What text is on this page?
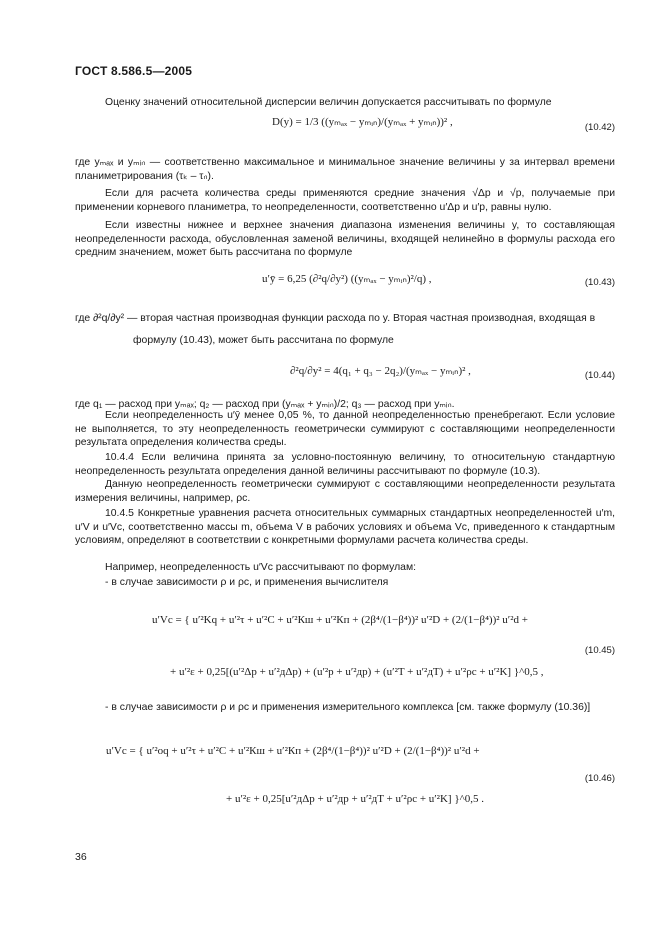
ГОСТ 8.586.5—2005
Оценку значений относительной дисперсии величин допускается рассчитывать по формуле
D(y) = 1/3 ((yₘₐₓ − yₘᵢₙ)/(yₘₐₓ + yₘᵢₙ))² ,	(10.42)
где yₘₐₓ и yₘᵢₙ — соответственно максимальное и минимальное значение величины у за интервал времени планиметрирования (τₖ – τₙ).
Если для расчета количества среды применяются средние значения √Δp и √p, получаемые при применении корневого планиметра, то неопределенности, соответственно u′Δp и u′p, равны нулю.
Если известны нижнее и верхнее значения диапазона изменения величины y, то составляющая неопределенности расхода, обусловленная заменой величины, входящей нелинейно в формулы расхода его средним значением, может быть рассчитана по формуле
u′ȳ = 6,25 (∂²q/∂y²) ((yₘₐₓ − yₘᵢₙ)²/q) ,	(10.43)
где ∂²q/∂y² — вторая частная производная функции расхода по y. Вторая частная производная, входящая в
формулу (10.43), может быть рассчитана по формуле
∂²q/∂y² = 4(q₁ + q₃ − 2q₂)/(yₘₐₓ − yₘᵢₙ)² ,	(10.44)
где q₁ — расход при yₘₐₓ; q₂ — расход при (yₘₐₓ + yₘᵢₙ)/2; q₃ — расход при yₘᵢₙ.
Если неопределенность u′ȳ менее 0,05 %, то данной неопределенностью пренебрегают. Если условие не выполняется, то эту неопределенность геометрически суммируют с составляющими неопределенности результата определения количества среды.
10.4.4 Если величина принята за условно-постоянную величину, то относительную стандартную неопределенность результата определения данной величины рассчитывают по формуле (10.3).
Данную неопределенность геометрически суммируют с составляющими неопределенности результата измерения величины, например, ρc.
10.4.5 Конкретные уравнения расчета относительных суммарных стандартных неопределенностей u′m, u′V и u′Vc, соответственно массы m, объема V в рабочих условиях и объема Vc, приведенного к стандартным условиям, определяют в соответствии с конкретными формулами расчета количества среды.
Например, неопределенность u′Vc рассчитывают по формулам:
- в случае зависимости ρ и ρc, и применения вычислителя
u′Vc = { u′²Kq + u′²τ + u′²C + u′²Кш + u′²Кп + (2β⁴/(1−β⁴))² u′²D + (2/(1−β⁴))² u′²d +
(10.45)
+ u′²ε + 0,25[(u′²Δp + u′²дΔp) + (u′²p + u′²дp) + (u′²T + u′²дT) + u′²ρc + u′²K] }^0,5 ,
- в случае зависимости ρ и ρc и применения измерительного комплекса [см. также формулу (10.36)]
u′Vc = { u′²оq + u′²τ + u′²C + u′²Кш + u′²Кп + (2β⁴/(1−β⁴))² u′²D + (2/(1−β⁴))² u′²d +
(10.46)
+ u′²ε + 0,25[u′²дΔp + u′²дp + u′²дT + u′²ρc + u′²K] }^0,5 .
36
